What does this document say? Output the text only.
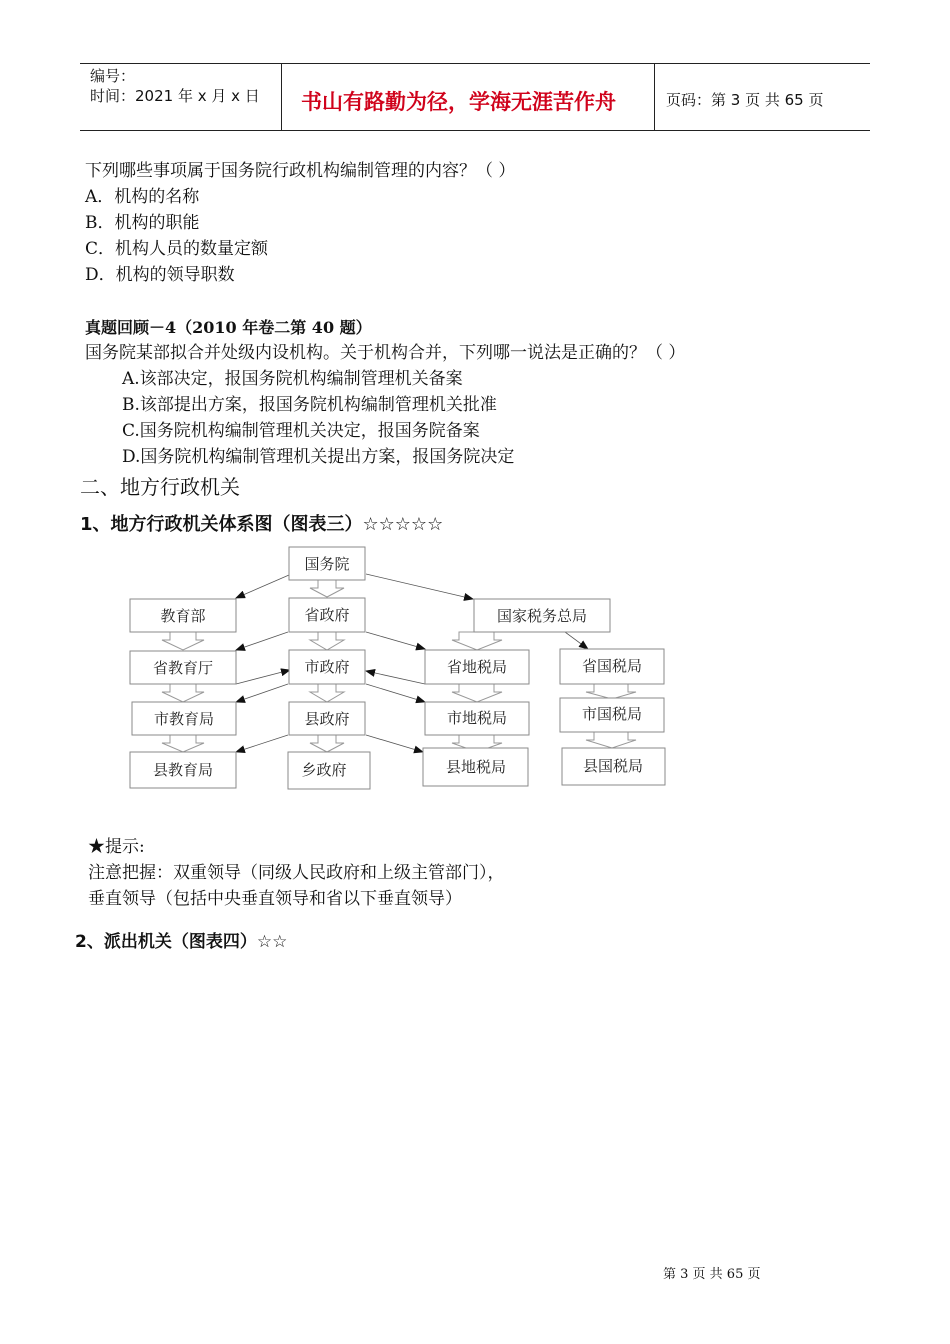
编号：
时间：2021 年 x 月 x 日 书山有路勤为径，学海无涯苦作舟	页码：第 3 页 共 65 页
下列哪些事项属于国务院行政机构编制管理的内容？（ ）
A．机构的名称
B．机构的职能
C．机构人员的数量定额
D．机构的领导职数
真题回顾－4（2010 年卷二第 40 题）
国务院某部拟合并处级内设机构。关于机构合并，下列哪一说法是正确的？（ ）
A.该部决定，报国务院机构编制管理机关备案
B.该部提出方案，报国务院机构编制管理机关批准
C.国务院机构编制管理机关决定，报国务院备案
D.国务院机构编制管理机关提出方案，报国务院决定
二、地方行政机关
1、地方行政机关体系图（图表三）☆☆☆☆☆
国务院
教育部	省政府	国家税务总局
省教育厅	市政府	省地税局	省国税局
市教育局	县政府	市地税局	市国税局
县教育局	乡政府	县地税局	县国税局
★提示:
注意把握：双重领导（同级人民政府和上级主管部门），
垂直领导（包括中央垂直领导和省以下垂直领导）
2、派出机关（图表四）☆☆
第 3 页 共 65 页
